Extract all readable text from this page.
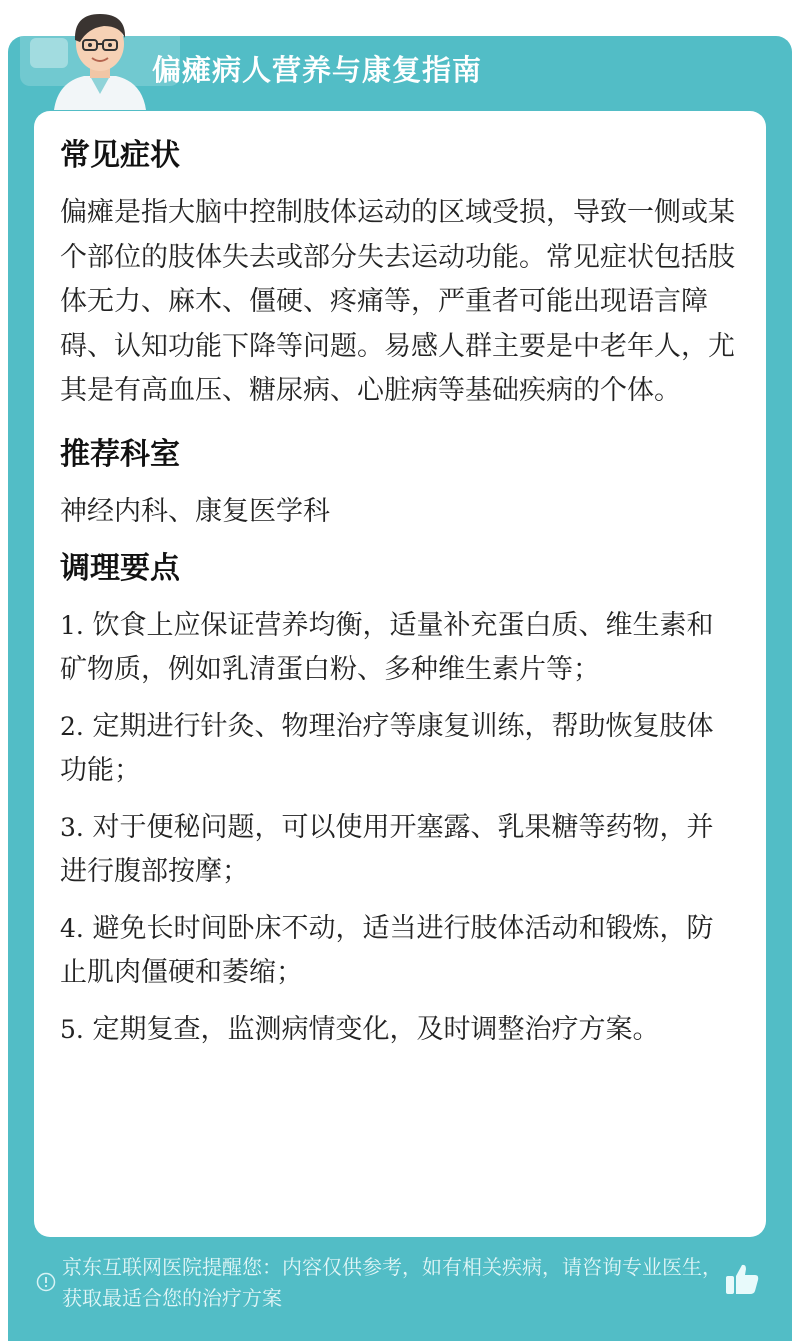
偏瘫病人营养与康复指南
常见症状

偏瘫是指大脑中控制肢体运动的区域受损，导致一侧或某个部位的肢体失去或部分失去运动功能。常见症状包括肢体无力、麻木、僵硬、疼痛等，严重者可能出现语言障碍、认知功能下降等问题。易感人群主要是中老年人，尤其是有高血压、糖尿病、心脏病等基础疾病的个体。

推荐科室

神经内科、康复医学科

调理要点
1. 饮食上应保证营养均衡，适量补充蛋白质、维生素和矿物质，例如乳清蛋白粉、多种维生素片等；
2. 定期进行针灸、物理治疗等康复训练，帮助恢复肢体功能；
3. 对于便秘问题，可以使用开塞露、乳果糖等药物，并进行腹部按摩；
4. 避免长时间卧床不动，适当进行肢体活动和锻炼，防止肌肉僵硬和萎缩；
5. 定期复查，监测病情变化，及时调整治疗方案。
京东互联网医院提醒您：内容仅供参考，如有相关疾病，请咨询专业医生，获取最适合您的治疗方案
